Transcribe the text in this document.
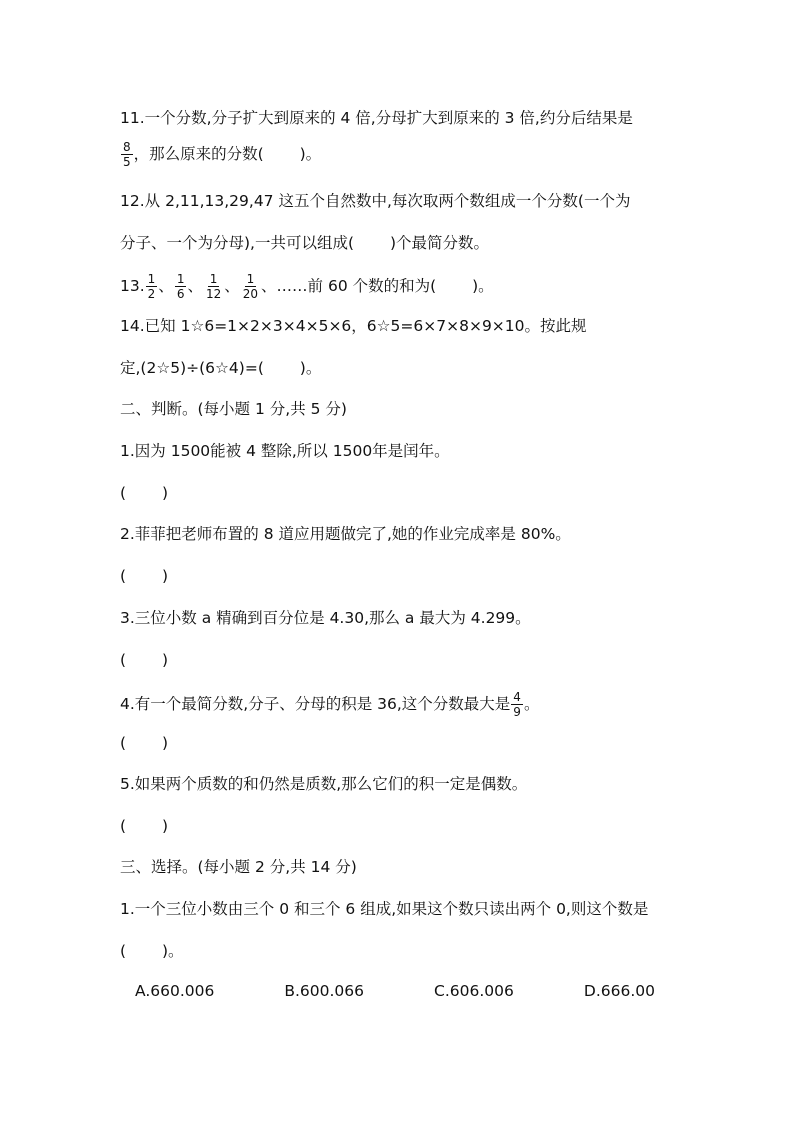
11.一个分数,分子扩大到原来的 4 倍,分母扩大到原来的 3 倍,约分后结果是
$\frac{8}{5}$ ，那么原来的分数(　　 )。
12.从 2,11,13,29,47 这五个自然数中,每次取两个数组成一个分数(一个为
分子、一个为分母),一共可以组成(　　 )个最简分数。
13. $\frac{1}{2}$ 、 $\frac{1}{6}$ 、 $\frac{1}{12}$ 、 $\frac{1}{20}$ 、……前 60 个数的和为(　　 )。
14.已知 1☆6=1×2×3×4×5×6，6☆5=6×7×8×9×10。按此规
定,(2☆5)÷(6☆4)=(　　 )。
二、判断。(每小题 1 分,共 5 分)
1.因为 1500能被 4 整除,所以 1500年是闰年。
(　　 )
2.菲菲把老师布置的 8 道应用题做完了,她的作业完成率是 80%。
(　　 )
3.三位小数 a 精确到百分位是 4.30,那么 a 最大为 4.299。
(　　 )
4.有一个最简分数,分子、分母的积是 36,这个分数最大是 $\frac{4}{9}$ 。
(　　 )
5.如果两个质数的和仍然是质数,那么它们的积一定是偶数。
(　　 )
三、选择。(每小题 2 分,共 14 分)
1.一个三位小数由三个 0 和三个 6 组成,如果这个数只读出两个 0,则这个数是
(　　 )。
A.660.006	B.600.066	C.606.006	D.666.00
